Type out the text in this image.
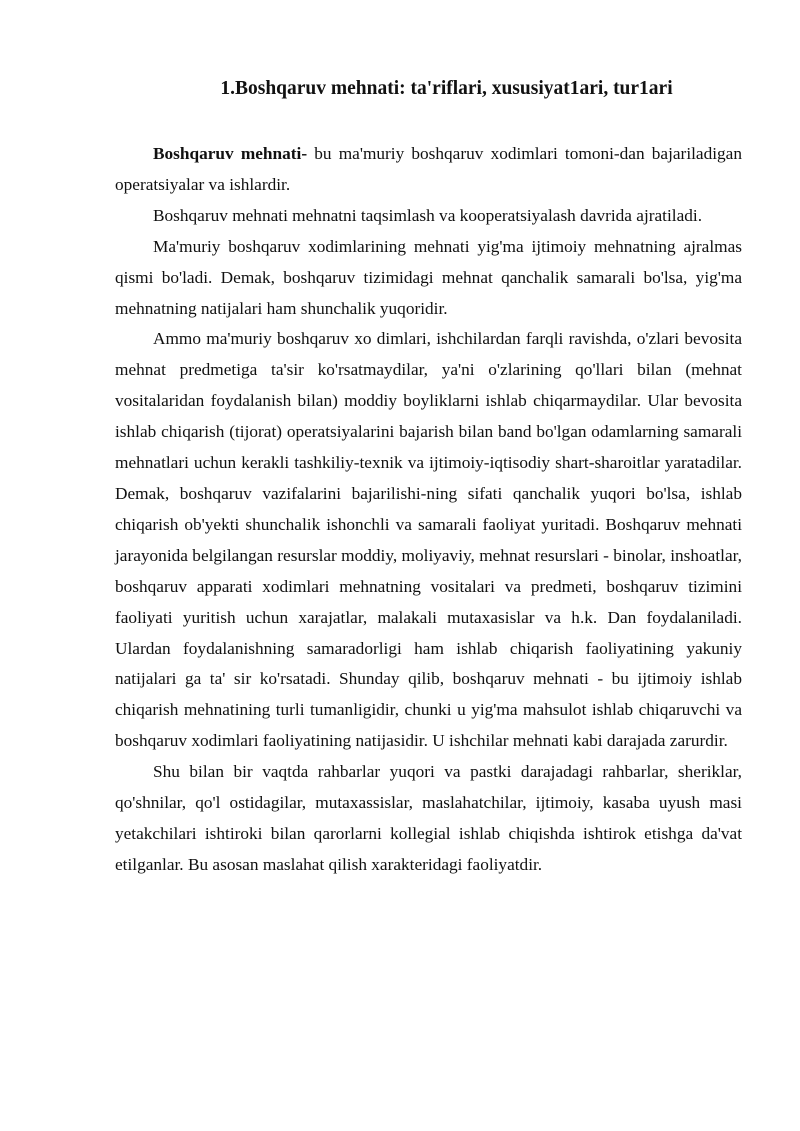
1.Boshqaruv mehnati: ta'riflari, xususiyat1ari, tur1ari

Boshqaruv mehnati- bu ma'muriy boshqaruv xodimlari tomoni-dan bajariladigan operatsiyalar va ishlardir.

Boshqaruv mehnati mehnatni taqsimlash va kooperatsiyalash davrida ajratiladi.

Ma'muriy boshqaruv xodimlarining mehnati yig'ma ijtimoiy mehnatning ajralmas qismi bo'ladi. Demak, boshqaruv tizimidagi mehnat qanchalik samarali bo'lsa, yig'ma mehnatning natijalari ham shunchalik yuqoridir.

Ammo ma'muriy boshqaruv xo dimlari, ishchilardan farqli ravishda, o'zlari bevosita mehnat predmetiga ta'sir ko'rsatmaydilar, ya'ni o'zlarining qo'llari bilan (mehnat vositalaridan foydalanish bilan) moddiy boyliklarni ishlab chiqarmaydilar. Ular bevosita ishlab chiqarish (tijorat) operatsiyalarini bajarish bilan band bo'lgan odamlarning samarali mehnatlari uchun kerakli tashkiliy-texnik va ijtimoiy-iqtisodiy shart-sharoitlar yaratadilar. Demak, boshqaruv vazifalarini bajarilishi-ning sifati qanchalik yuqori bo'lsa, ishlab chiqarish ob'yekti shunchalik ishonchli va samarali faoliyat yuritadi. Boshqaruv mehnati jarayonida belgilangan resurslar moddiy, moliyaviy, mehnat resurslari - binolar, inshoatlar, boshqaruv apparati xodimlari mehnatning vositalari va predmeti, boshqaruv tizimini faoliyati yuritish uchun xarajatlar, malakali mutaxasislar va h.k. Dan foydalaniladi. Ulardan foydalanishning samaradorligi ham ishlab chiqarish faoliyatining yakuniy natijalari ga ta' sir ko'rsatadi. Shunday qilib, boshqaruv mehnati - bu ijtimoiy ishlab chiqarish mehnatining turli tumanligidir, chunki u yig'ma mahsulot ishlab chiqaruvchi va boshqaruv xodimlari faoliyatining natijasidir. U ishchilar mehnati kabi darajada zarurdir.

Shu bilan bir vaqtda rahbarlar yuqori va pastki darajadagi rahbarlar, sheriklar, qo'shnilar, qo'l ostidagilar, mutaxassislar, maslahatchilar, ijtimoiy, kasaba uyush masi yetakchilari ishtiroki bilan qarorlarni kollegial ishlab chiqishda ishtirok etishga da'vat etilganlar. Bu asosan maslahat qilish xarakteridagi faoliyatdir.
